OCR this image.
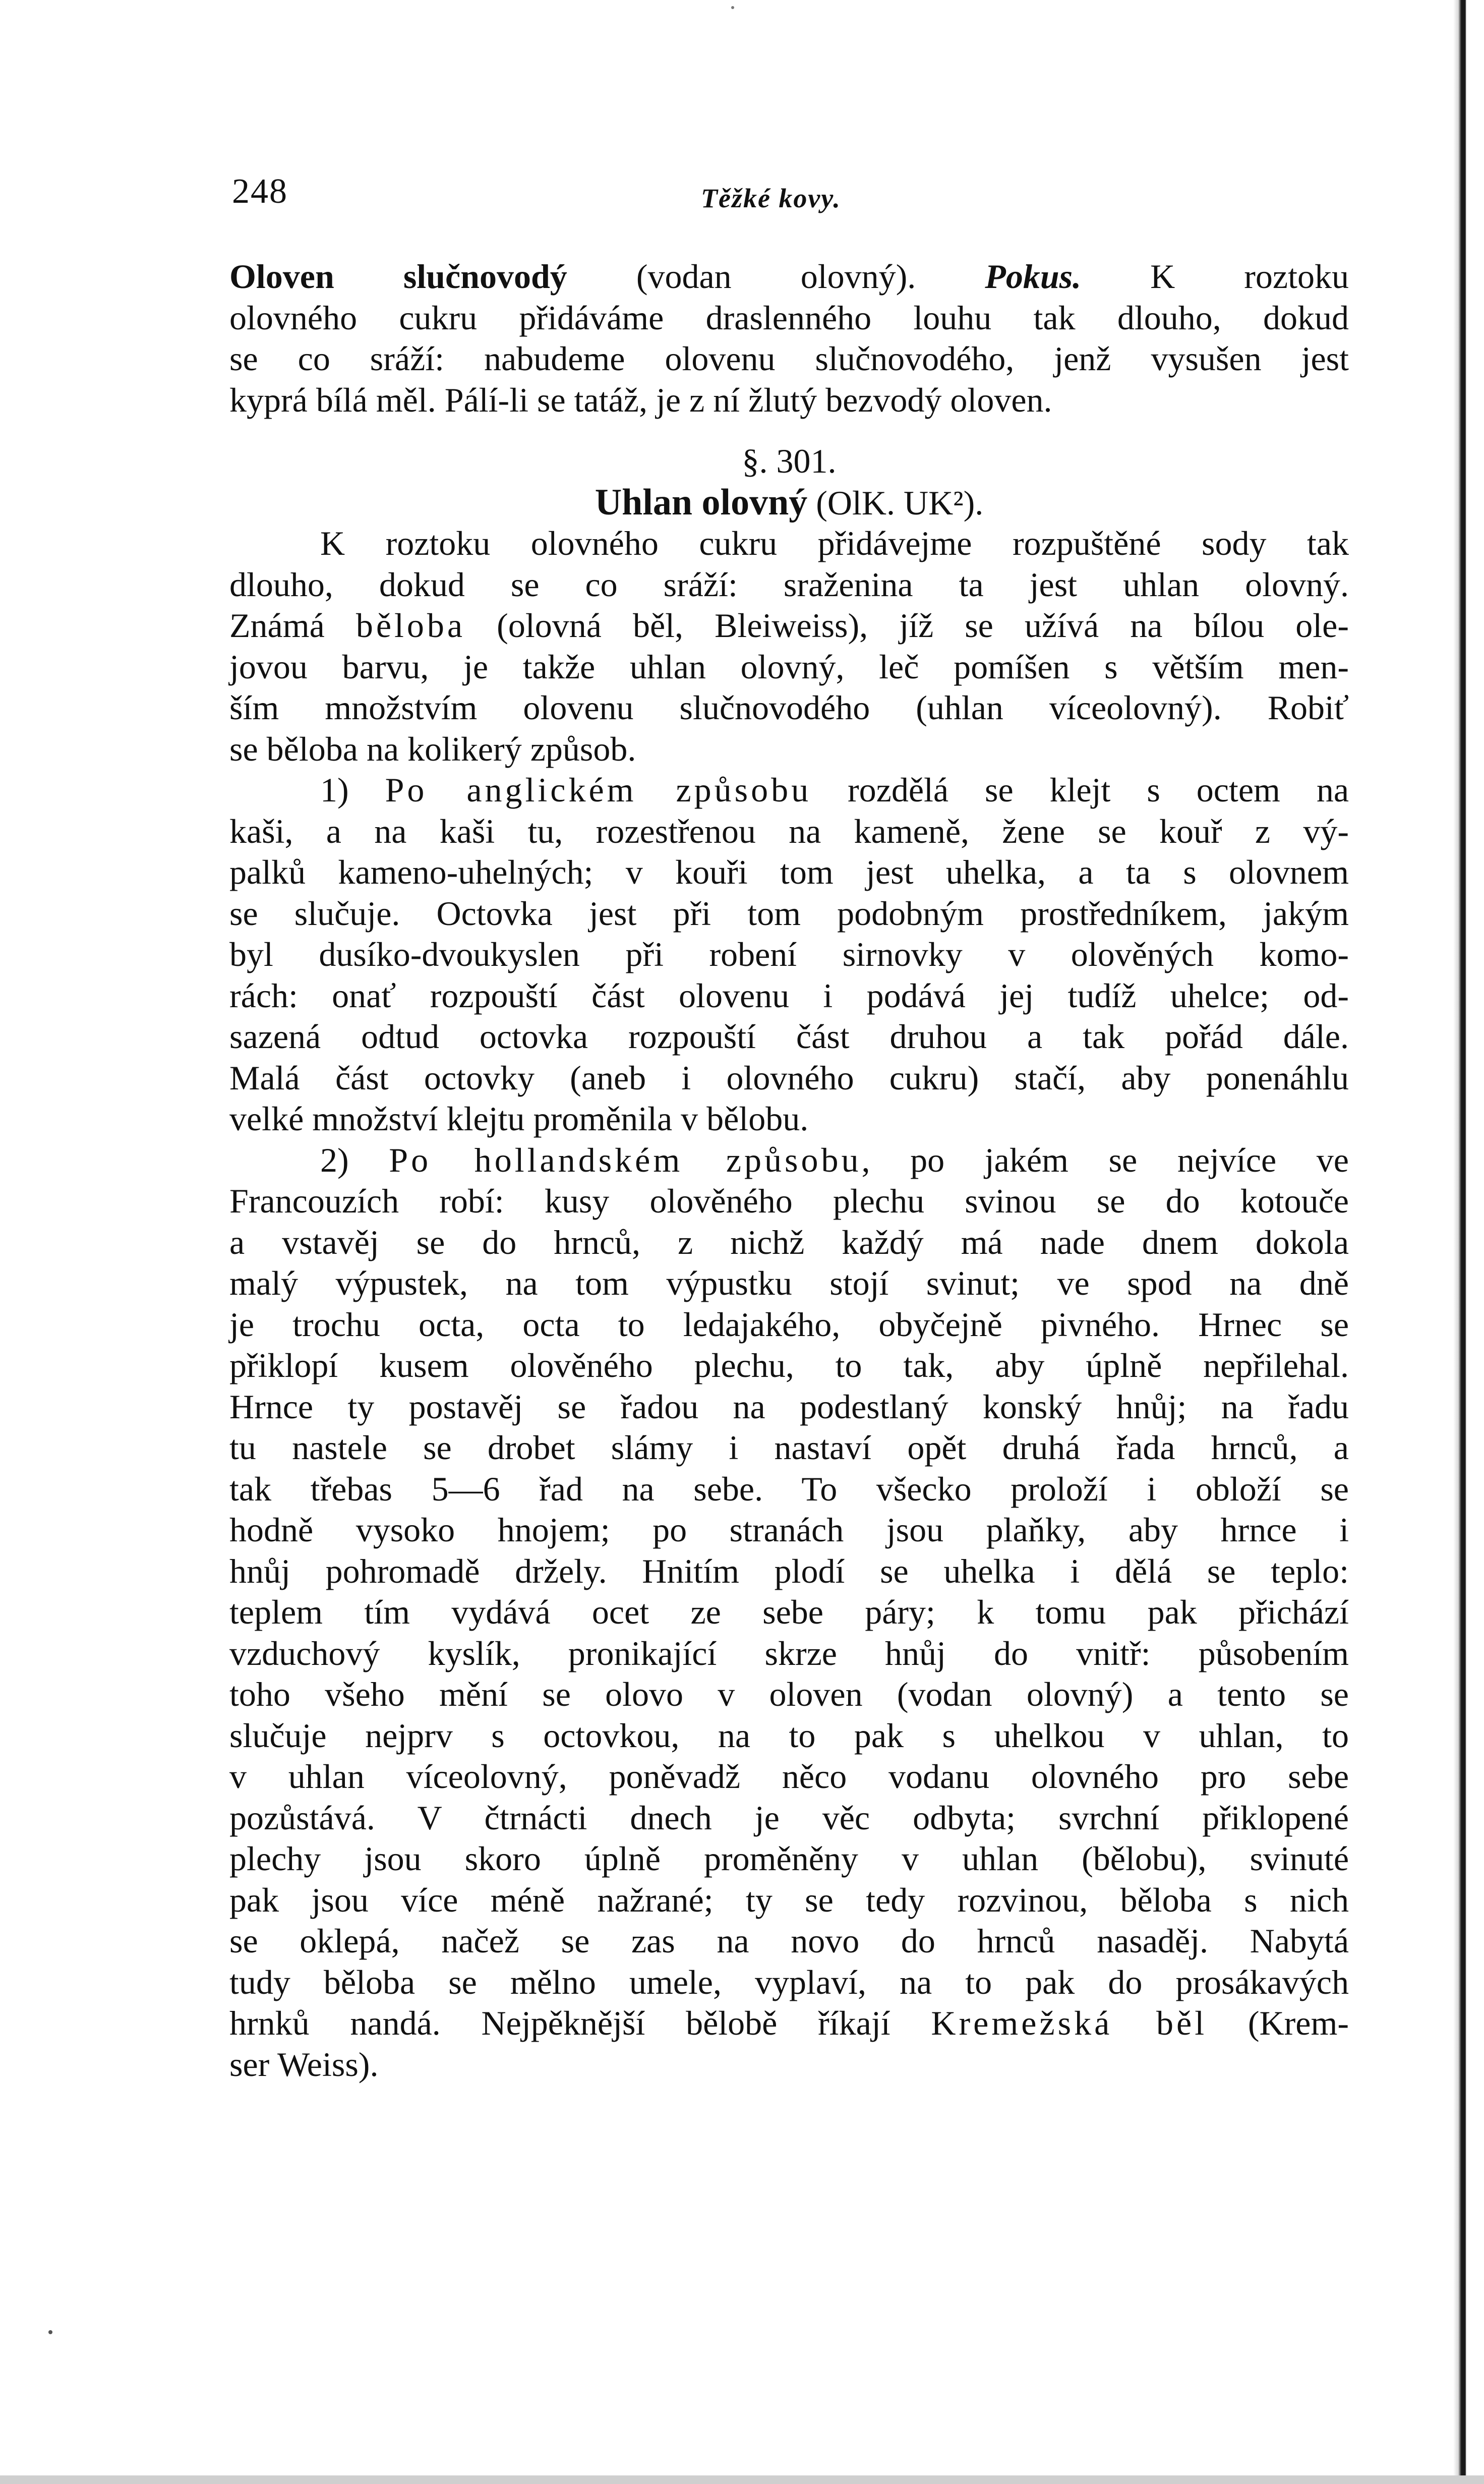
248	Těžké kovy.
Oloven slučnovodý (vodan olovný). Pokus. K roztoku
olovného cukru přidáváme draslenného louhu tak dlouho, dokud
se co sráží: nabudeme olovenu slučnovodého, jenž vysušen jest
kyprá bílá měl. Pálí-li se tatáž, je z ní žlutý bezvodý oloven.
§. 301.
Uhlan olovný (OlK. UK²).
K roztoku olovného cukru přidávejme rozpuštěné sody tak
dlouho, dokud se co sráží: sraženina ta jest uhlan olovný.
Známá běloba (olovná běl, Bleiweiss), jíž se užívá na bílou ole-
jovou barvu, je takže uhlan olovný, leč pomíšen s větším men-
ším množstvím olovenu slučnovodého (uhlan víceolovný). Robiť
se běloba na kolikerý způsob.
1) Po anglickém způsobu rozdělá se klejt s octem na
kaši, a na kaši tu, rozestřenou na kameně, žene se kouř z vý-
palků kameno-uhelných; v kouři tom jest uhelka, a ta s olovnem
se slučuje. Octovka jest při tom podobným prostředníkem, jakým
byl dusíko-dvoukyslen při robení sirnovky v olověných komo-
rách: onať rozpouští část olovenu i podává jej tudíž uhelce; od-
sazená odtud octovka rozpouští část druhou a tak pořád dále.
Malá část octovky (aneb i olovného cukru) stačí, aby ponenáhlu
velké množství klejtu proměnila v bělobu.
2) Po hollandském způsobu, po jakém se nejvíce ve
Francouzích robí: kusy olověného plechu svinou se do kotouče
a vstavěj se do hrnců, z nichž každý má nade dnem dokola
malý výpustek, na tom výpustku stojí svinut; ve spod na dně
je trochu octa, octa to ledajakého, obyčejně pivného. Hrnec se
přiklopí kusem olověného plechu, to tak, aby úplně nepřilehal.
Hrnce ty postavěj se řadou na podestlaný konský hnůj; na řadu
tu nastele se drobet slámy i nastaví opět druhá řada hrnců, a
tak třebas 5—6 řad na sebe. To všecko proloží i obloží se
hodně vysoko hnojem; po stranách jsou plaňky, aby hrnce i
hnůj pohromadě držely. Hnitím plodí se uhelka i dělá se teplo:
teplem tím vydává ocet ze sebe páry; k tomu pak přichází
vzduchový kyslík, pronikající skrze hnůj do vnitř: působením
toho všeho mění se olovo v oloven (vodan olovný) a tento se
slučuje nejprv s octovkou, na to pak s uhelkou v uhlan, to
v uhlan víceolovný, poněvadž něco vodanu olovného pro sebe
pozůstává. V čtrnácti dnech je věc odbyta; svrchní přiklopené
plechy jsou skoro úplně proměněny v uhlan (bělobu), svinuté
pak jsou více méně nažrané; ty se tedy rozvinou, běloba s nich
se oklepá, načež se zas na novo do hrnců nasaděj. Nabytá
tudy běloba se mělno umele, vyplaví, na to pak do prosákavých
hrnků nandá. Nejpěknější bělobě říkají Kremežská běl (Krem-
ser Weiss).
